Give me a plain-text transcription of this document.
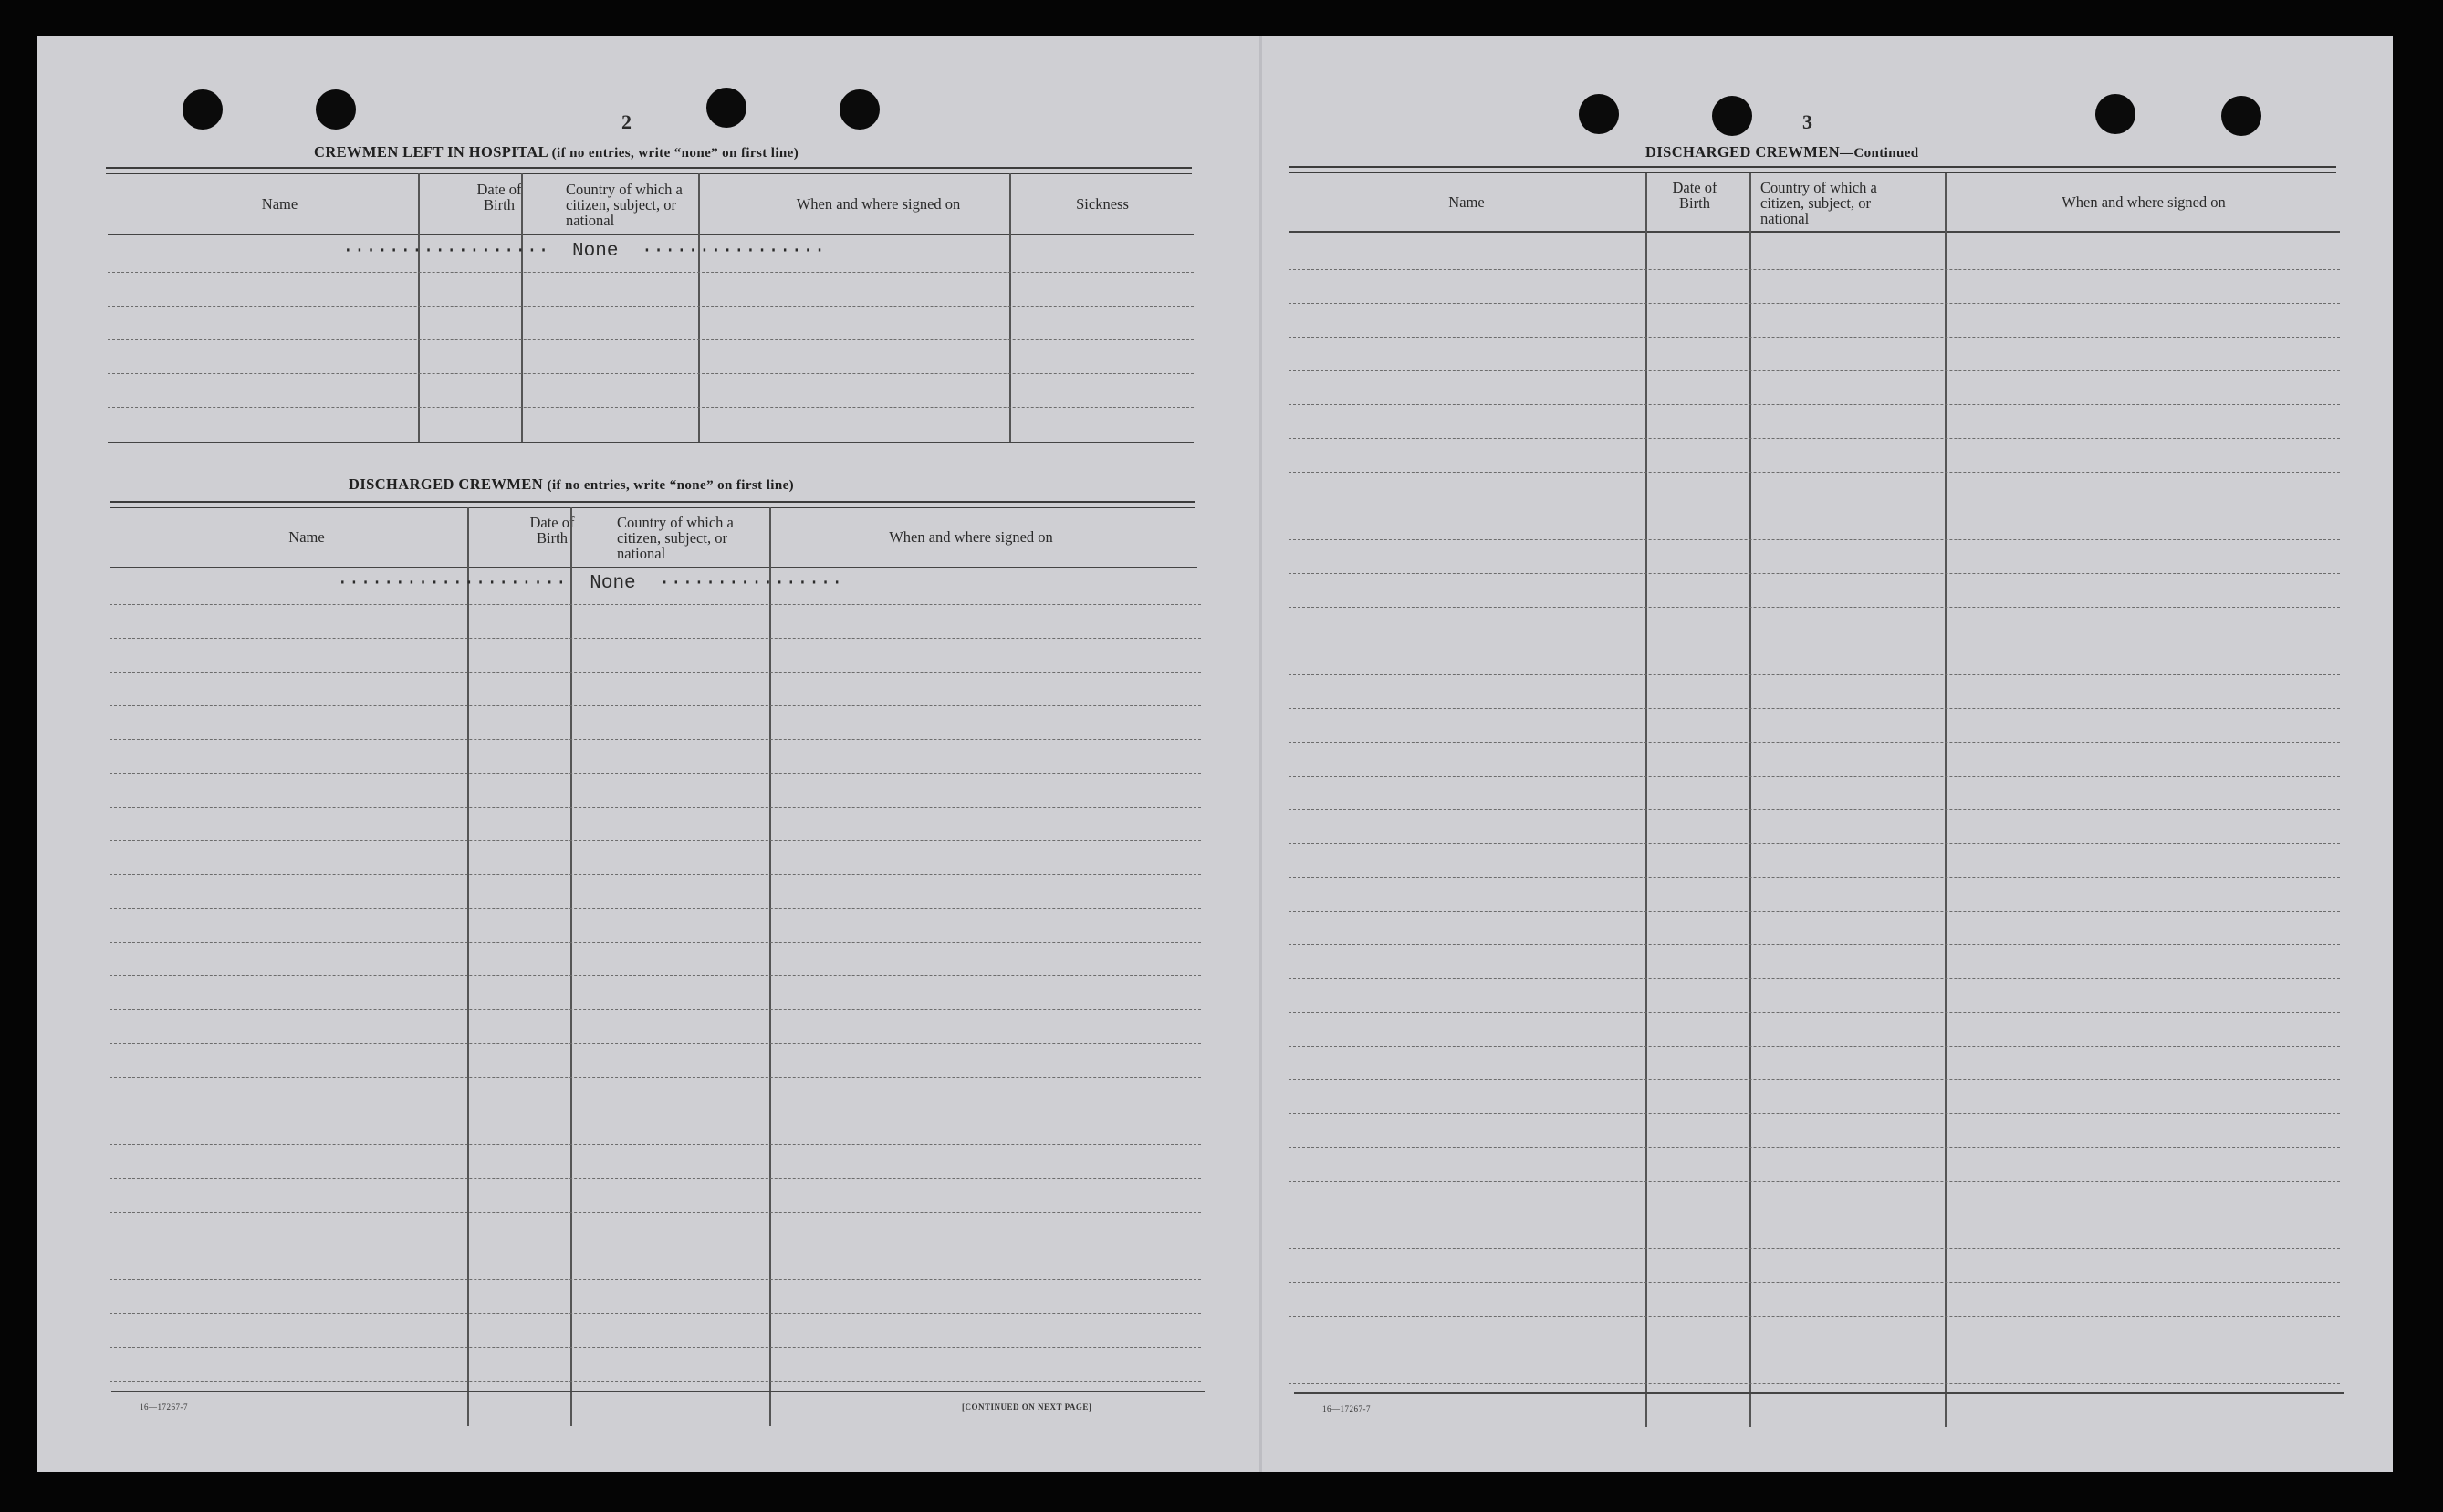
2
CREWMEN LEFT IN HOSPITAL (if no entries, write “none” on first line)
Name
Date of Birth
Country of which a citizen, subject, or national
When and where signed on	Sickness
··················  None  ················
DISCHARGED CREWMEN (if no entries, write “none” on first line)
Name
Date of Birth
Country of which a citizen, subject, or national
When and where signed on
····················  None  ················
16—17267-7	[CONTINUED ON NEXT PAGE]
3
DISCHARGED CREWMEN—Continued
Name
Date of Birth
Country of which a citizen, subject, or national
When and where signed on
16—17267-7
